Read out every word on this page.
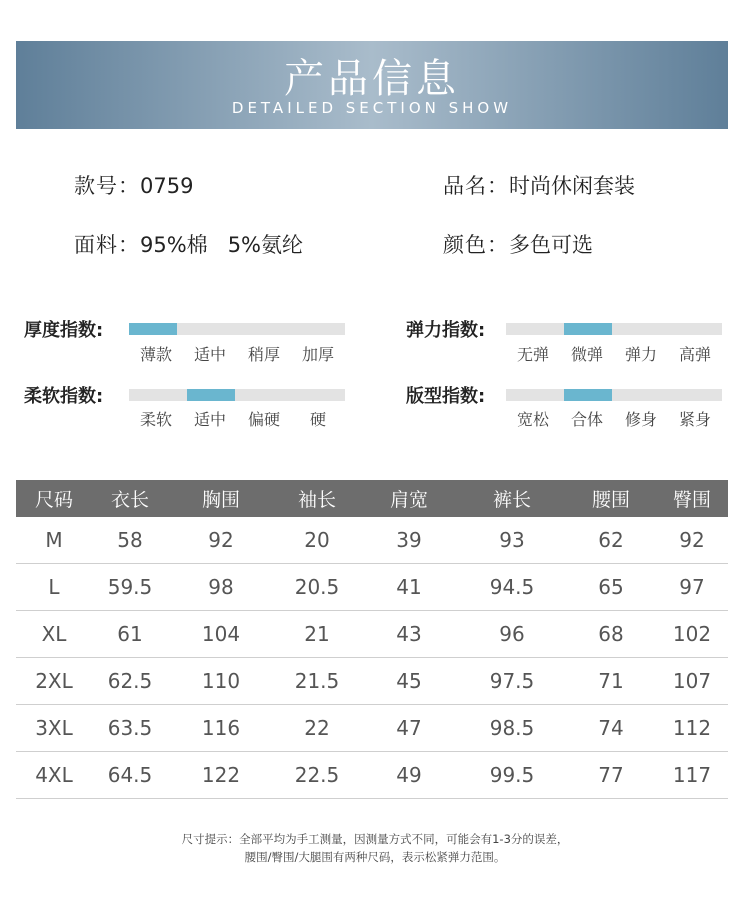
产品信息
DETAILED SECTION SHOW
款号：0759	品名：时尚休闲套装
面料：95%棉   5%氨纶	颜色：多色可选
厚度指数:
薄款	适中	稍厚	加厚
弹力指数:
无弹	微弹	弹力	高弹
柔软指数:
柔软	适中	偏硬	硬
版型指数:
宽松	合体	修身	紧身
尺码	衣长	胸围	袖长	肩宽	裤长	腰围	臀围
M	58	92	20	39	93	62	92
L	59.5	98	20.5	41	94.5	65	97
XL	61	104	21	43	96	68	102
2XL	62.5	110	21.5	45	97.5	71	107
3XL	63.5	116	22	47	98.5	74	112
4XL	64.5	122	22.5	49	99.5	77	117
尺寸提示：全部平均为手工测量，因测量方式不同，可能会有1-3分的误差，
腰围/臀围/大腿围有两种尺码，表示松紧弹力范围。
